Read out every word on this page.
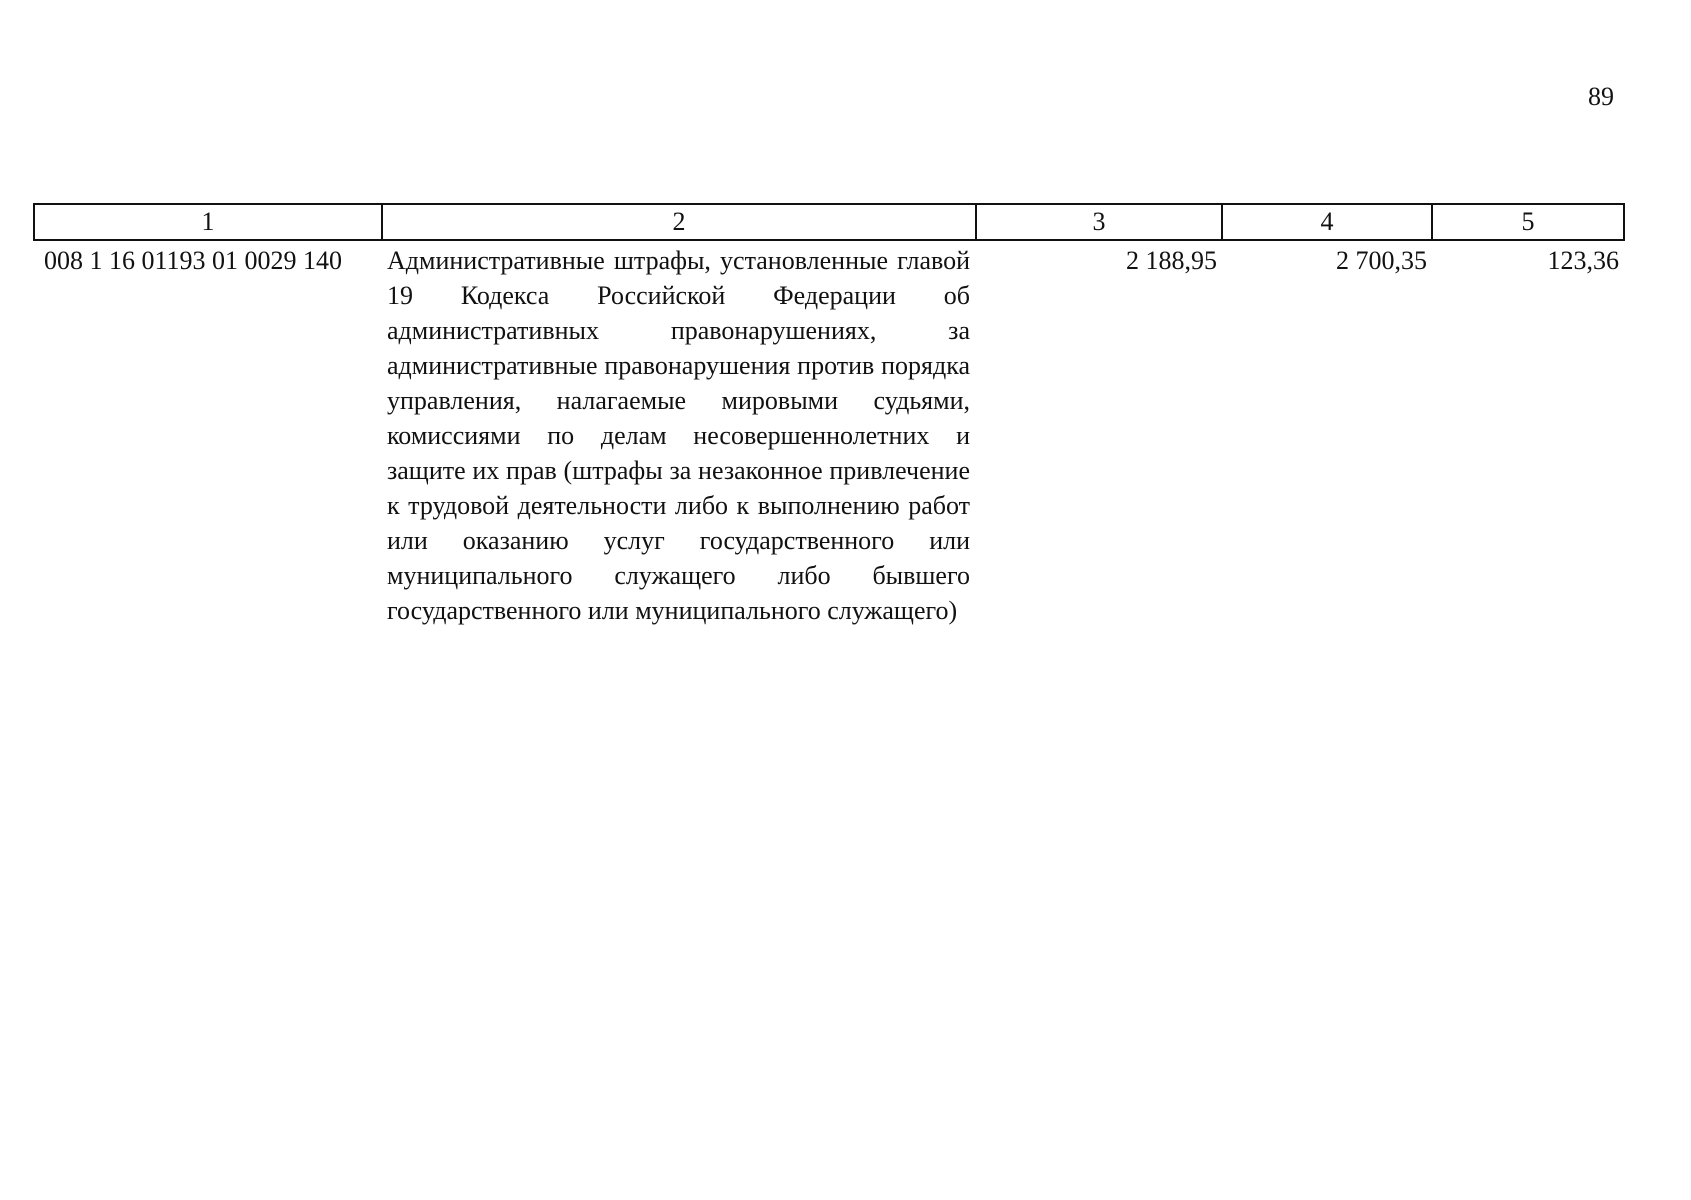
89
1	2	3	4	5
008 1 16 01193 01 0029 140	Административные штрафы, установленные главой 19 Кодекса Российской Федерации об административных правонарушениях, за административные правонарушения против порядка управления, налагаемые мировыми судьями, комиссиями по делам несовершеннолетних и защите их прав (штрафы за незаконное привлечение к трудовой деятельности либо к выполнению работ или оказанию услуг государственного или муниципального служащего либо бывшего государственного или муниципального служащего)	2 188,95	2 700,35	123,36
